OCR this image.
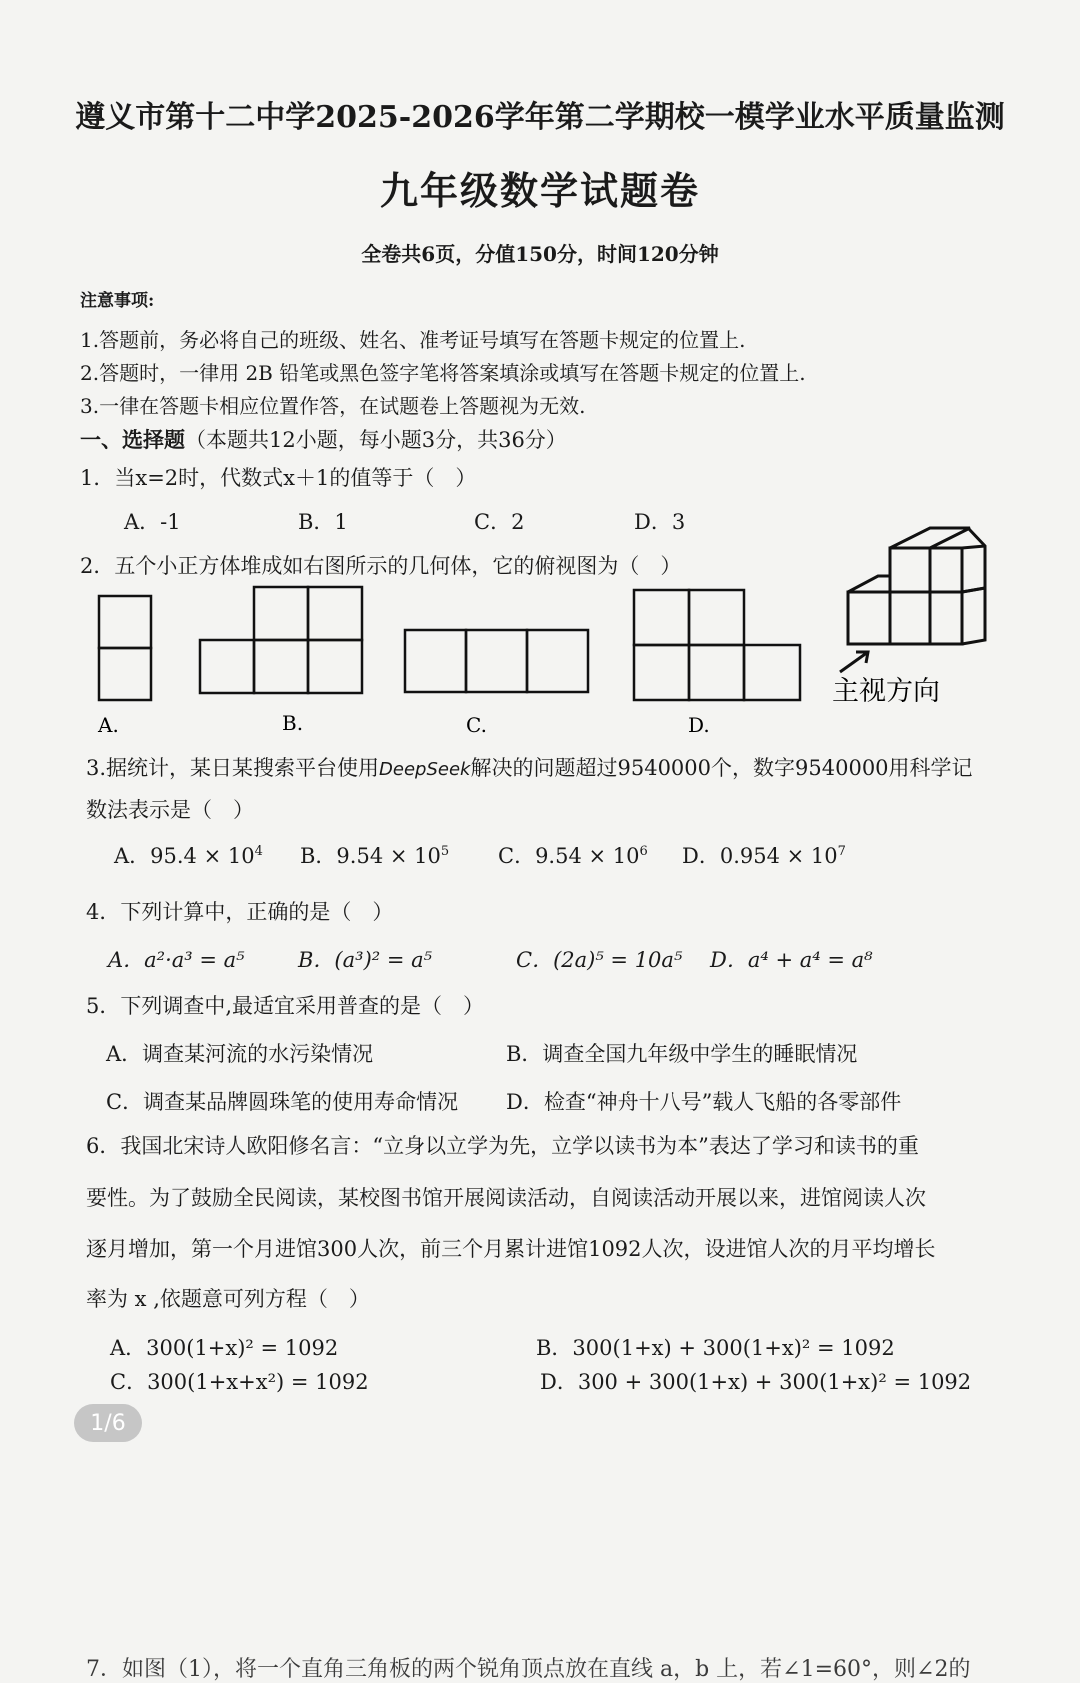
遵义市第十二中学2025-2026学年第二学期校一模学业水平质量监测
九年级数学试题卷
全卷共6页，分值150分，时间120分钟
注意事项:
1.答题前，务必将自己的班级、姓名、准考证号填写在答题卡规定的位置上.
2.答题时，一律用 2B 铅笔或黑色签字笔将答案填涂或填写在答题卡规定的位置上.
3.一律在答题卡相应位置作答，在试题卷上答题视为无效.
一、选择题（本题共12小题，每小题3分，共36分）
1．当x=2时，代数式x＋1的值等于（　）
A．-1	B．1	C．2	D．3
2．五个小正方体堆成如右图所示的几何体，它的俯视图为（　）
A.	B.	C.	D.
主视方向
3.据统计，某日某搜索平台使用DeepSeek解决的问题超过9540000个，数字9540000用科学记
数法表示是（　）
A．$95.4 \times 10^4$ B．$9.54 \times 10^5$ C．$9.54 \times 10^6$ D．$0.954 \times 10^7$
4．下列计算中，正确的是（　）
A．a²·a³ = a⁵	B．(a³)² = a⁵	C．(2a)⁵ = 10a⁵ D．a⁴ + a⁴ = a⁸
5．下列调查中,最适宜采用普查的是（　）
A．调查某河流的水污染情况	B．调查全国九年级中学生的睡眠情况
C．调查某品牌圆珠笔的使用寿命情况 D．检查“神舟十八号”载人飞船的各零部件
6．我国北宋诗人欧阳修名言：“立身以立学为先，立学以读书为本”表达了学习和读书的重
要性。为了鼓励全民阅读，某校图书馆开展阅读活动，自阅读活动开展以来，进馆阅读人次
逐月增加，第一个月进馆300人次，前三个月累计进馆1092人次，设进馆人次的月平均增长
率为 x ,依题意可列方程（　）
A．300(1+x)² = 1092	B．300(1+x) + 300(1+x)² = 1092
C．300(1+x+x²) = 1092	D．300 + 300(1+x) + 300(1+x)² = 1092
1/6
7．如图（1），将一个直角三角板的两个锐角顶点放在直线 a，b 上，若∠1=60°，则∠2的
